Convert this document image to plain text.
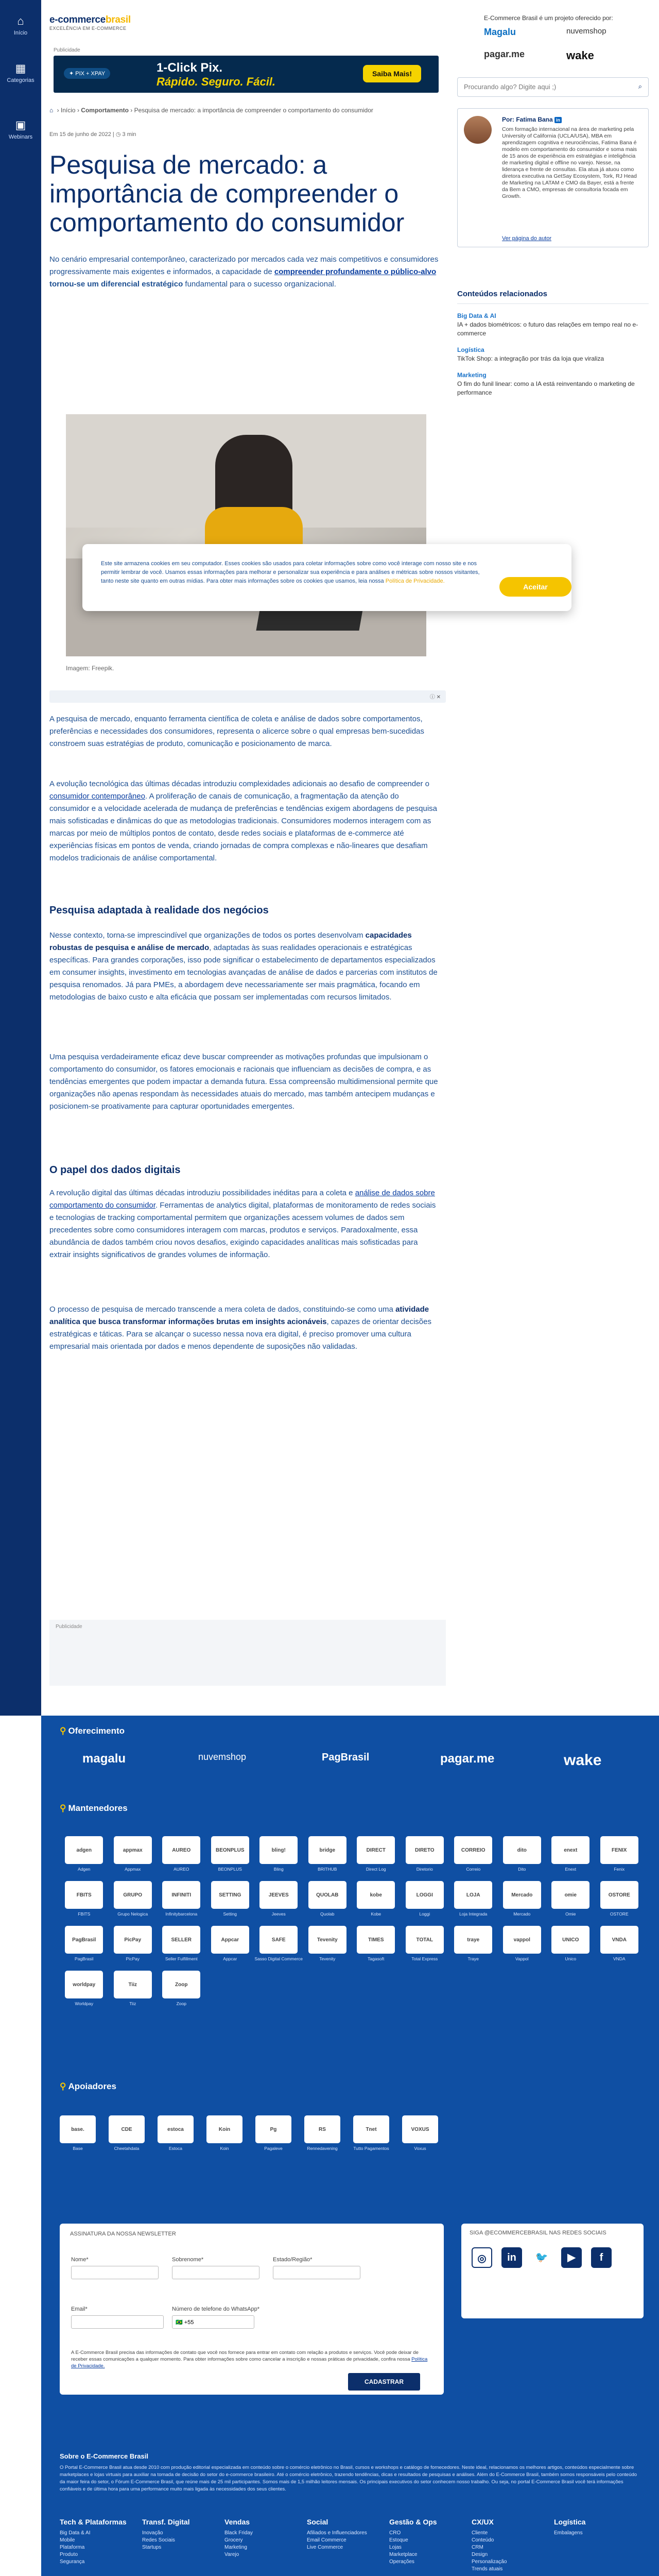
⌂
Início
▦
Categorias
▣
Webinars
e-commercebrasil
EXCELÊNCIA EM E-COMMERCE
E-Commerce Brasil é um projeto oferecido por:
Magalu	nuvemshop
pagar.me	wake
Publicidade
✦ PIX + XPAY	1-Click Pix.
Rápido. Seguro. Fácil.
Saiba Mais!
⌂ › Início › Comportamento › Pesquisa de mercado: a importância de compreender o comportamento do consumidor
Em 15 de junho de 2022 | ◷ 3 min
Pesquisa de mercado: a importância de compreender o comportamento do consumidor

No cenário empresarial contemporâneo, caracterizado por mercados cada vez mais competitivos e consumidores progressivamente mais exigentes e informados, a capacidade de compreender profundamente o público-alvo tornou-se um diferencial estratégico fundamental para o sucesso organizacional.

Imagem: Freepik.
ⓘ ✕

A pesquisa de mercado, enquanto ferramenta científica de coleta e análise de dados sobre comportamentos, preferências e necessidades dos consumidores, representa o alicerce sobre o qual empresas bem-sucedidas constroem suas estratégias de produto, comunicação e posicionamento de marca.

A evolução tecnológica das últimas décadas introduziu complexidades adicionais ao desafio de compreender o consumidor contemporâneo. A proliferação de canais de comunicação, a fragmentação da atenção do consumidor e a velocidade acelerada de mudança de preferências e tendências exigem abordagens de pesquisa mais sofisticadas e dinâmicas do que as metodologias tradicionais. Consumidores modernos interagem com as marcas por meio de múltiplos pontos de contato, desde redes sociais e plataformas de e-commerce até experiências físicas em pontos de venda, criando jornadas de compra complexas e não-lineares que desafiam modelos tradicionais de análise comportamental.

Pesquisa adaptada à realidade dos negócios

Nesse contexto, torna-se imprescindível que organizações de todos os portes desenvolvam capacidades robustas de pesquisa e análise de mercado, adaptadas às suas realidades operacionais e estratégicas específicas. Para grandes corporações, isso pode significar o estabelecimento de departamentos especializados em consumer insights, investimento em tecnologias avançadas de análise de dados e parcerias com institutos de pesquisa renomados. Já para PMEs, a abordagem deve necessariamente ser mais pragmática, focando em metodologias de baixo custo e alta eficácia que possam ser implementadas com recursos limitados.

Uma pesquisa verdadeiramente eficaz deve buscar compreender as motivações profundas que impulsionam o comportamento do consumidor, os fatores emocionais e racionais que influenciam as decisões de compra, e as tendências emergentes que podem impactar a demanda futura. Essa compreensão multidimensional permite que organizações não apenas respondam às necessidades atuais do mercado, mas também antecipem mudanças e posicionem-se proativamente para capturar oportunidades emergentes.

O papel dos dados digitais

A revolução digital das últimas décadas introduziu possibilidades inéditas para a coleta e análise de dados sobre comportamento do consumidor. Ferramentas de analytics digital, plataformas de monitoramento de redes sociais e tecnologias de tracking comportamental permitem que organizações acessem volumes de dados sem precedentes sobre como consumidores interagem com marcas, produtos e serviços. Paradoxalmente, essa abundância de dados também criou novos desafios, exigindo capacidades analíticas mais sofisticadas para extrair insights significativos de grandes volumes de informação.

O processo de pesquisa de mercado transcende a mera coleta de dados, constituindo-se como uma atividade analítica que busca transformar informações brutas em insights acionáveis, capazes de orientar decisões estratégicas e táticas. Para se alcançar o sucesso nessa nova era digital, é preciso promover uma cultura empresarial mais orientada por dados e menos dependente de suposições não validadas.

Publicidade
Procurando algo? Digite aqui ;)	⌕
Por: Fatima Bana in
Com formação internacional na área de marketing pela University of California (UCLA/USA), MBA em aprendizagem cognitiva e neurociências, Fatima Bana é modelo em comportamento do consumidor e soma mais de 15 anos de experiência em estratégias e inteligência de marketing digital e offline no varejo. Nesse, na liderança e frente de consultas. Ela atua já atuou como diretora executiva na GetSay Ecosystem, Tork, RJ Head de Marketing na LATAM e CMO da Bayer, está a frente da Bem a CMO, empresas de consultoria focada em Growth.
Ver página do autor
Conteúdos relacionados
Big Data & AI
IA + dados biométricos: o futuro das relações em tempo real no e-commerce
Logística
TikTok Shop: a integração por trás da loja que viraliza
Marketing
O fim do funil linear: como a IA está reinventando o marketing de performance

Este site armazena cookies em seu computador. Esses cookies são usados para coletar informações sobre como você interage com nosso site e nos permitir lembrar de você. Usamos essas informações para melhorar e personalizar sua experiência e para análises e métricas sobre nossos visitantes, tanto neste site quanto em outras mídias. Para obter mais informações sobre os cookies que usamos, leia nossa Política de Privacidade.

Aceitar
⚲ Oferecimento
magalu	nuvemshop	PagBrasil	pagar.me	wake
⚲ Mantenedores
adgen
Adgen
appmax
Appmax
AUREO
AUREO
BEONPLUS
BEONPLUS
bling!
Bling
bridge
BRITHUB
DIRECT
Direct Log
DIRETO
Diretorio
CORREIO
Correio
dito
Dito
enext
Enext
FENIX
Fenix
FBITS
FBITS
GRUPO
Grupo Nelogica
INFINITI
Infinitybarcelona
SETTING
Setting
JEEVES
Jeeves
QUOLAB
Quolab
kobe
Kobe
LOGGI
Loggi
LOJA
Loja Integrada
Mercado
Mercado
omie
Omie
OSTORE
OSTORE
PagBrasil
PagBrasil
PicPay
PicPay
SELLER
Seller Fulfillment
Appcar
Appcar
SAFE
Sasso Digital Commerce
Tevenity
Tevenity
TIMES
Tagasoft
TOTAL
Total Express
traye
Traye
vappol
Vappol
UNICO
Unico
VNDA
VNDA
worldpay
Worldpay
Tiiz
Tiiz
Zoop
Zoop
⚲ Apoiadores
base.
Base
CDE
Cheetahdata
estoca
Estoca
Koin
Koin
Pg
Pagaleve
RS
Rennedavening
Tnet
Tutto Pagamentos
VOXUS
Voxus
ASSINATURA DA NOSSA NEWSLETTER
Nome*	Sobrenome*	Estado/Região*
Email*	Número de telefone do WhatsApp*
🇧🇷 +55

A E-Commerce Brasil precisa das informações de contato que você nos fornece para entrar em contato com relação a produtos e serviços. Você pode deixar de receber essas comunicações a qualquer momento. Para obter informações sobre como cancelar a inscrição e nossas práticas de privacidade, confira nossa Política de Privacidade.

CADASTRAR
SIGA @ECOMMERCEBRASIL NAS REDES SOCIAIS
◎	in	🐦	▶	f
Sobre o E-Commerce Brasil

O Portal E-Commerce Brasil atua desde 2010 com produção editorial especializada em conteúdo sobre o comércio eletrônico no Brasil, cursos e workshops e catálogo de fornecedores. Neste ideal, relacionamos os melhores artigos, conteúdos especialmente sobre marketplaces e lojas virtuais para auxiliar na tomada de decisão do setor do e-commerce brasileiro. Até o comércio eletrônico, trazendo tendências, dicas e resultados de pesquisas e análises. Além do E-Commerce Brasil, também somos responsáveis pelo conteúdo da maior feira do setor, o Fórum E-Commerce Brasil, que reúne mais de 25 mil participantes. Somos mais de 1,5 milhão leitores mensais. Os principais executivos do setor conhecem nosso trabalho. Ou seja, no portal E-Commerce Brasil você terá informações confiáveis e de última hora para uma performance muito mais ligada às necessidades dos seus clientes.

Tech & Plataformas
Big Data & AI
Mobile
Plataforma
Produto
Segurança
Transf. Digital
Inovação
Redes Sociais
Startups
Vendas
Black Friday
Grocery
Marketing
Varejo
Social
Afiliados e Influenciadores
Email Commerce
Live Commerce
Gestão & Ops
CRO
Estoque
Lojas
Marketplace
Operações
CX/UX
Cliente
Conteúdo
CRM
Design
Personalização
Trends atuais
Logística
Embalagens
